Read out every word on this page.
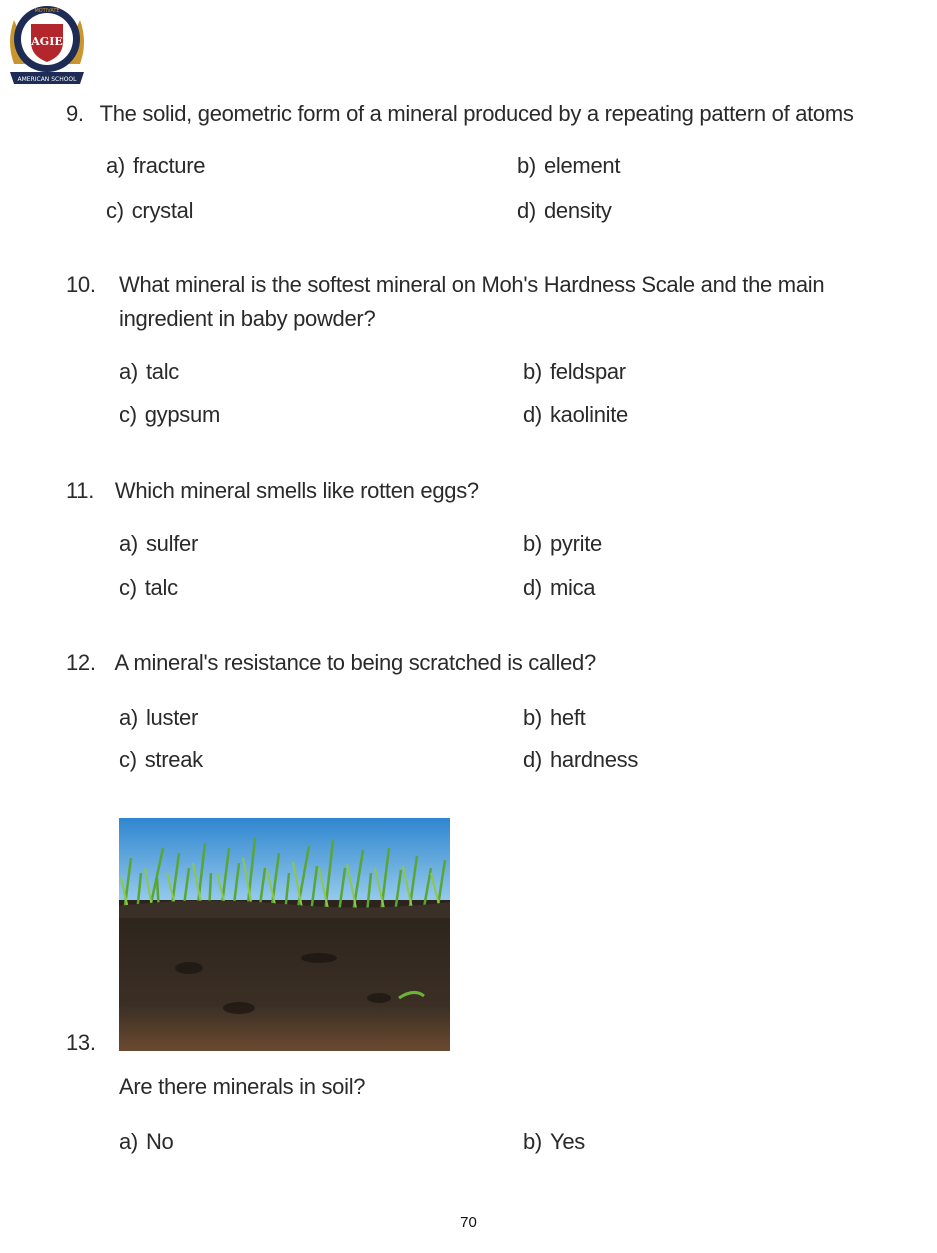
AGIE
MOTIVATE
AMERICAN SCHOOL
9. The solid, geometric form of a mineral produced by a repeating pattern of atoms
a) fracture	b) element
c) crystal	d) density
10. What mineral is the softest mineral on Moh's Hardness Scale and the main
ingredient in baby powder?
a) talc	b) feldspar
c) gypsum	d) kaolinite
11. Which mineral smells like rotten eggs?
a) sulfer	b) pyrite
c) talc	d) mica
12. A mineral's resistance to being scratched is called?
a) luster	b) heft
c) streak	d) hardness
13.
Are there minerals in soil?
a) No	b) Yes
70
